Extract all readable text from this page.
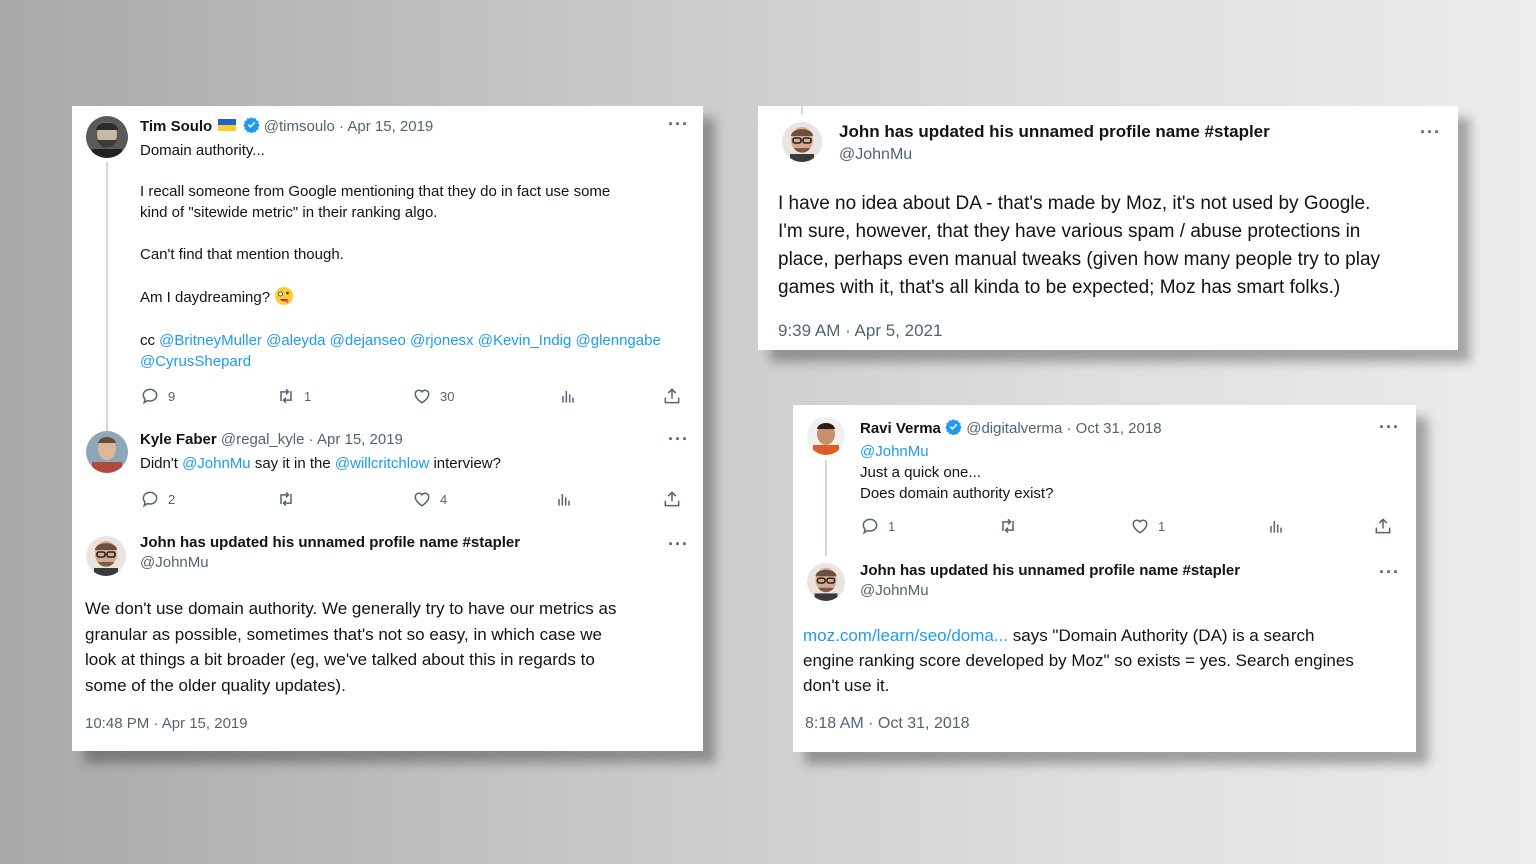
Tim Soulo	@timsoulo · Apr 15, 2019	···
Domain authority...
I recall someone from Google mentioning that they do in fact use some
kind of "sitewide metric" in their ranking algo.
Can't find that mention though.
Am I daydreaming?
cc @BritneyMuller @aleyda @dejanseo @rjonesx @Kevin_Indig @glenngabe
@CyrusShepard
9	1	30
Kyle Faber @regal_kyle · Apr 15, 2019	···
Didn't @JohnMu say it in the @willcritchlow interview?
2	4
John has updated his unnamed profile name #stapler
@JohnMu
···
We don't use domain authority. We generally try to have our metrics as
granular as possible, sometimes that's not so easy, in which case we
look at things a bit broader (eg, we've talked about this in regards to
some of the older quality updates).
10:48 PM · Apr 15, 2019
John has updated his unnamed profile name #stapler
@JohnMu
···
I have no idea about DA - that's made by Moz, it's not used by Google.
I'm sure, however, that they have various spam / abuse protections in
place, perhaps even manual tweaks (given how many people try to play
games with it, that's all kinda to be expected; Moz has smart folks.)
9:39 AM · Apr 5, 2021
Ravi Verma @digitalverma · Oct 31, 2018	···
@JohnMu
Just a quick one...
Does domain authority exist?
1	1
John has updated his unnamed profile name #stapler
@JohnMu
···
moz.com/learn/seo/doma... says "Domain Authority (DA) is a search
engine ranking score developed by Moz" so exists = yes. Search engines
don't use it.
8:18 AM · Oct 31, 2018
